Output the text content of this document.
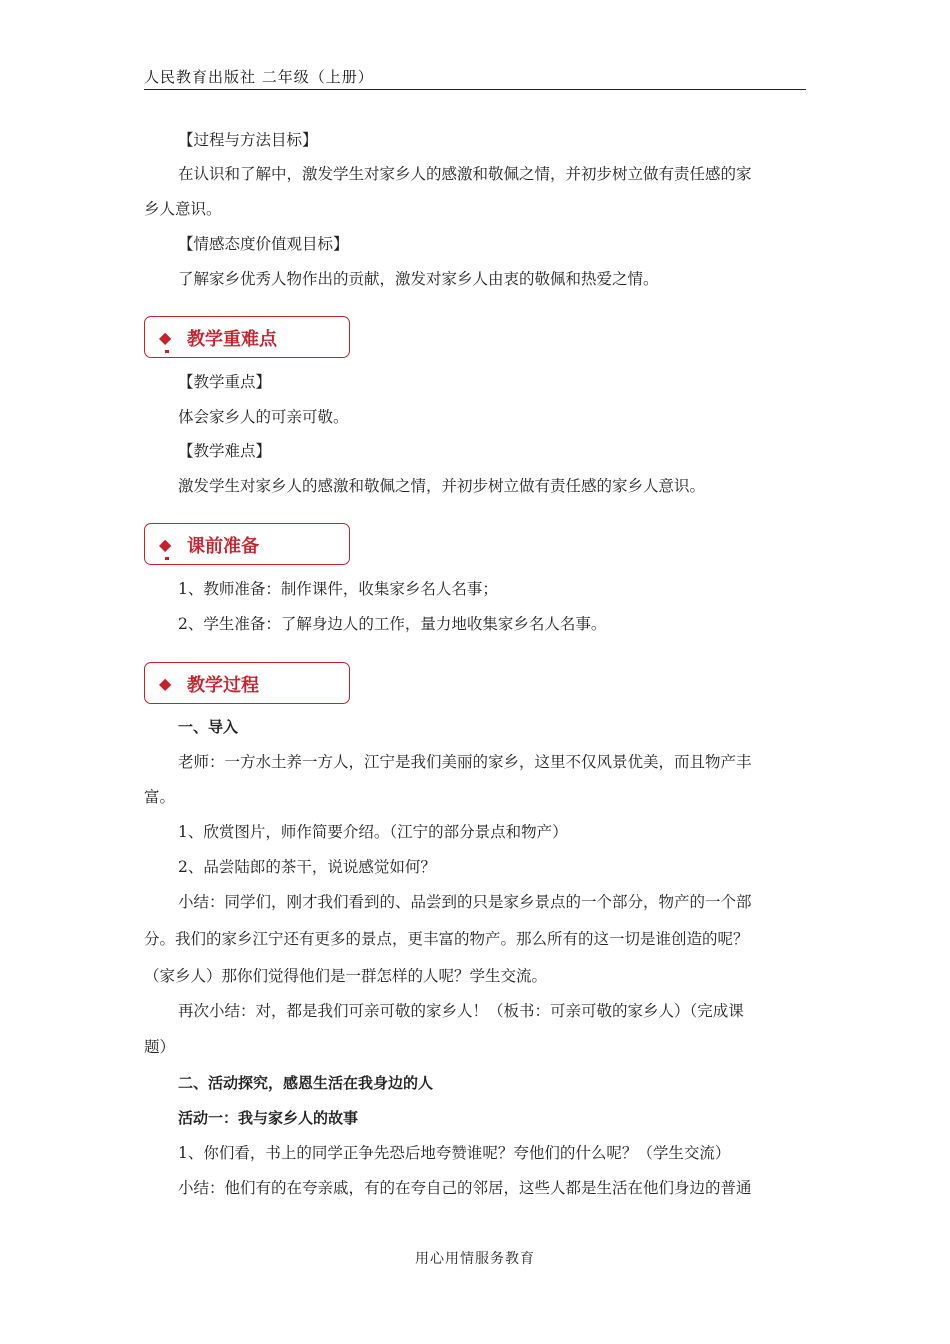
人民教育出版社 二年级（上册）
【过程与方法目标】
在认识和了解中，激发学生对家乡人的感激和敬佩之情，并初步树立做有责任感的家
乡人意识。
【情感态度价值观目标】
了解家乡优秀人物作出的贡献，激发对家乡人由衷的敬佩和热爱之情。
◆ 教学重难点
【教学重点】
体会家乡人的可亲可敬。
【教学难点】
激发学生对家乡人的感激和敬佩之情，并初步树立做有责任感的家乡人意识。
◆ 课前准备
1、教师准备：制作课件，收集家乡名人名事；
2、学生准备：了解身边人的工作，量力地收集家乡名人名事。
◆ 教学过程
一、导入
老师：一方水土养一方人，江宁是我们美丽的家乡，这里不仅风景优美，而且物产丰
富。
1、欣赏图片，师作简要介绍。（江宁的部分景点和物产）
2、品尝陆郎的茶干，说说感觉如何？
小结：同学们，刚才我们看到的、品尝到的只是家乡景点的一个部分，物产的一个部
分。我们的家乡江宁还有更多的景点，更丰富的物产。那么所有的这一切是谁创造的呢？
（家乡人）那你们觉得他们是一群怎样的人呢？学生交流。
再次小结：对，都是我们可亲可敬的家乡人！（板书：可亲可敬的家乡人）（完成课
题）
二、活动探究，感恩生活在我身边的人
活动一：我与家乡人的故事
1、你们看，书上的同学正争先恐后地夸赞谁呢？夸他们的什么呢？（学生交流）
小结：他们有的在夸亲戚，有的在夸自己的邻居，这些人都是生活在他们身边的普通
用心用情服务教育
